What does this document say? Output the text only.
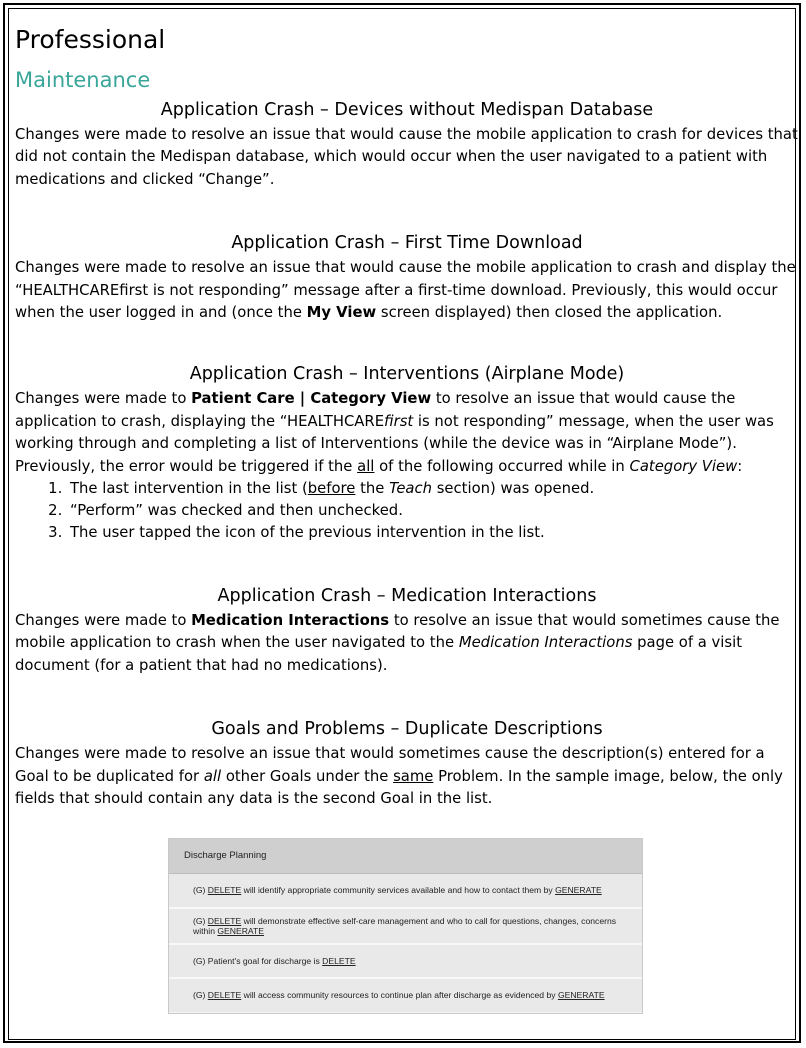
Professional
Maintenance
Application Crash – Devices without Medispan Database

Changes were made to resolve an issue that would cause the mobile application to crash for devices that did not contain the Medispan database, which would occur when the user navigated to a patient with medications and clicked “Change”.

Application Crash – First Time Download

Changes were made to resolve an issue that would cause the mobile application to crash and display the “HEALTHCAREfirst is not responding” message after a first-time download. Previously, this would occur when the user logged in and (once the My View screen displayed) then closed the application.

Application Crash – Interventions (Airplane Mode)

Changes were made to Patient Care | Category View to resolve an issue that would cause the application to crash, displaying the “HEALTHCAREfirst is not responding” message, when the user was working through and completing a list of Interventions (while the device was in “Airplane Mode”). Previously, the error would be triggered if the all of the following occurred while in Category View:

1. The last intervention in the list (before the Teach section) was opened.
2. “Perform” was checked and then unchecked.
3. The user tapped the icon of the previous intervention in the list.
Application Crash – Medication Interactions

Changes were made to Medication Interactions to resolve an issue that would sometimes cause the mobile application to crash when the user navigated to the Medication Interactions page of a visit document (for a patient that had no medications).

Goals and Problems – Duplicate Descriptions

Changes were made to resolve an issue that would sometimes cause the description(s) entered for a Goal to be duplicated for all other Goals under the same Problem. In the sample image, below, the only fields that should contain any data is the second Goal in the list.

Discharge Planning
(G) DELETE will identify appropriate community services available and how to contact them by GENERATE
(G) DELETE will demonstrate effective self-care management and who to call for questions, changes, concerns within GENERATE
(G) Patient's goal for discharge is DELETE
(G) DELETE will access community resources to continue plan after discharge as evidenced by GENERATE
